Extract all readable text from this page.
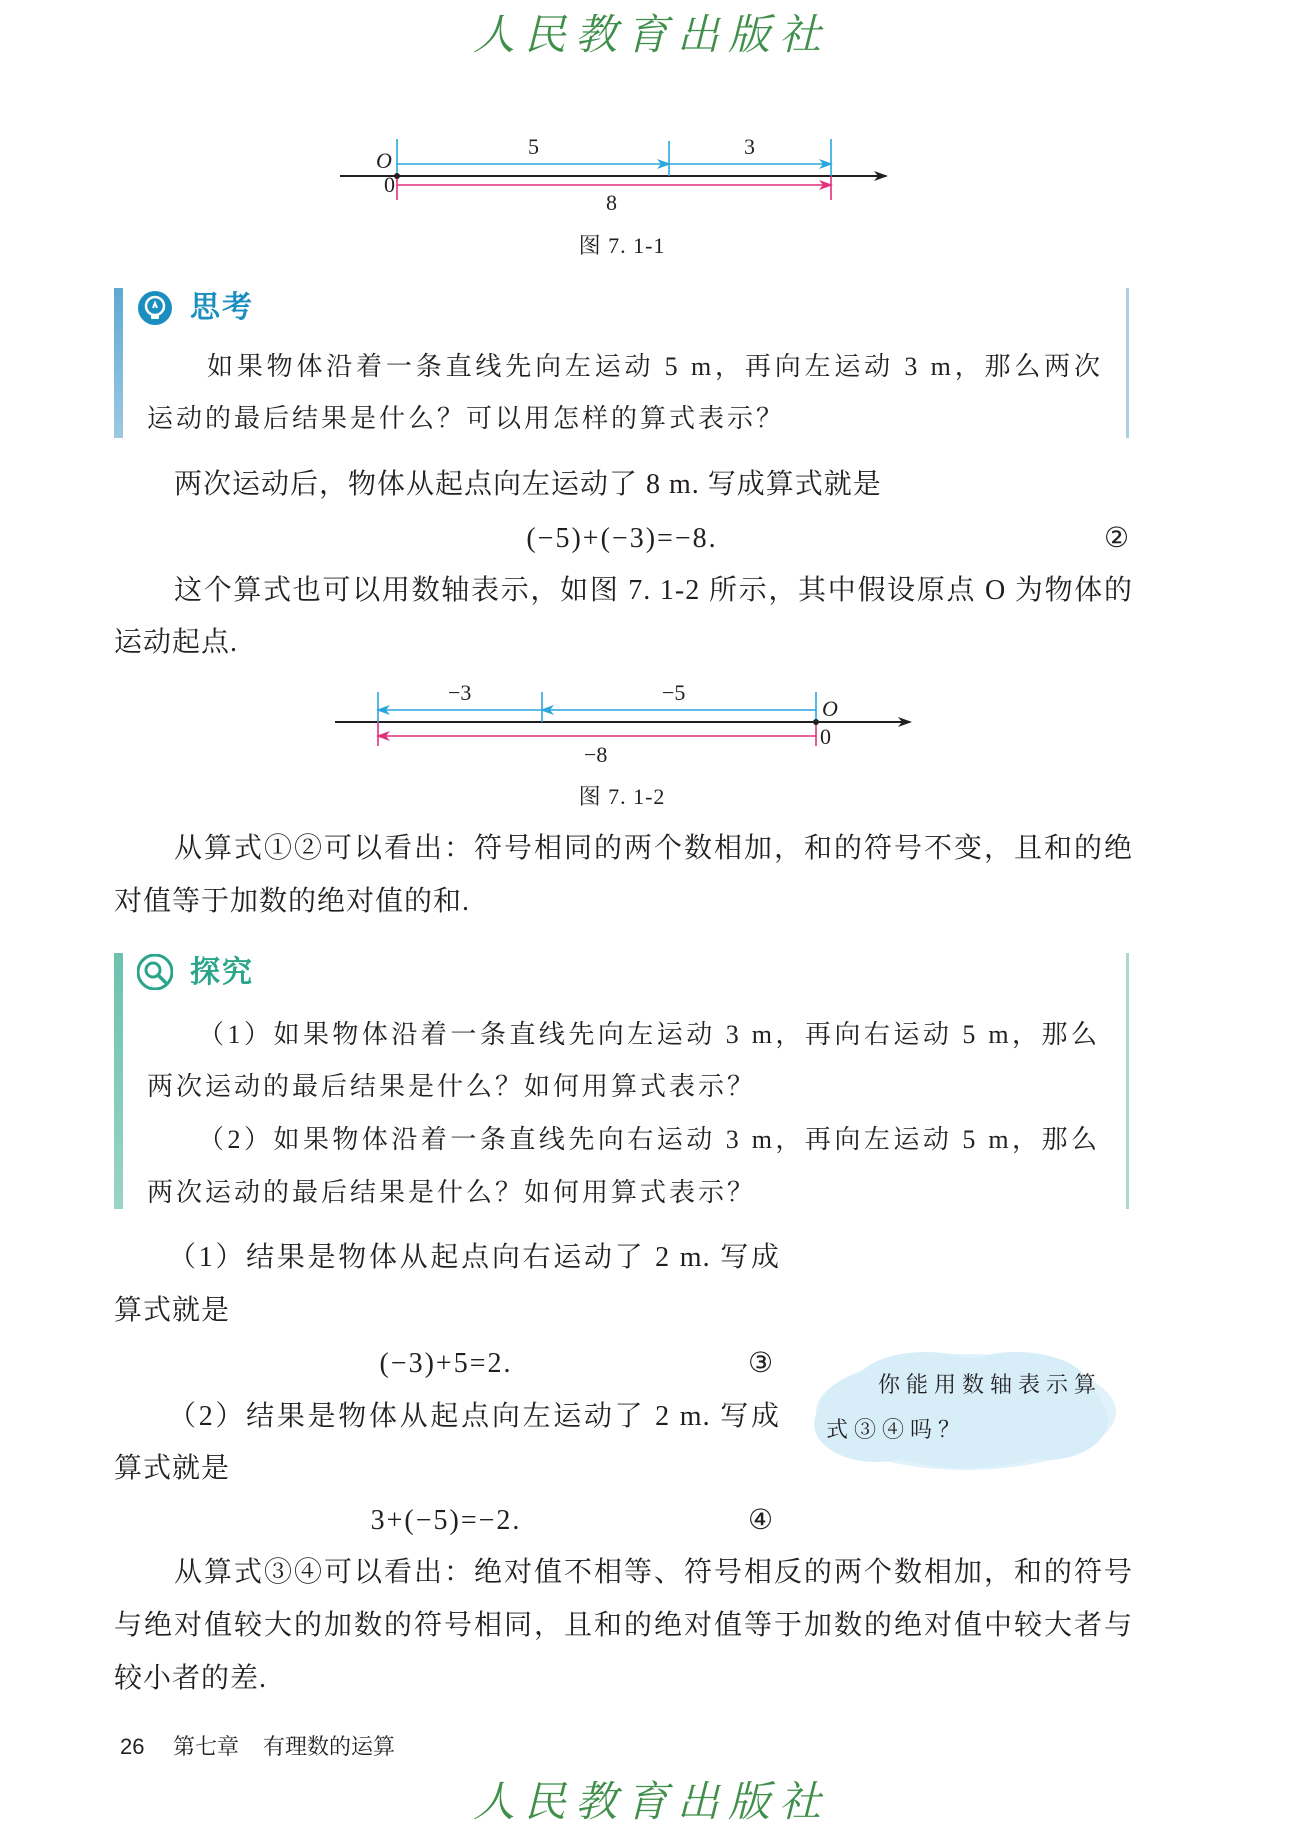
人民教育出版社
O
0
5	3
8
图 7. 1-1
思考
如果物体沿着一条直线先向左运动 5 m，再向左运动 3 m，那么两次
运动的最后结果是什么？可以用怎样的算式表示？
两次运动后，物体从起点向左运动了 8 m. 写成算式就是
(−5)+(−3)=−8.	②
这个算式也可以用数轴表示，如图 7. 1-2 所示，其中假设原点 O 为物体的
运动起点.
O
0
−3	−5
−8
图 7. 1-2
从算式①②可以看出：符号相同的两个数相加，和的符号不变，且和的绝
对值等于加数的绝对值的和.
探究
（1）如果物体沿着一条直线先向左运动 3 m，再向右运动 5 m，那么
两次运动的最后结果是什么？如何用算式表示？
（2）如果物体沿着一条直线先向右运动 3 m，再向左运动 5 m，那么
两次运动的最后结果是什么？如何用算式表示？
（1）结果是物体从起点向右运动了 2 m. 写成
算式就是
(−3)+5=2.	③
（2）结果是物体从起点向左运动了 2 m. 写成
算式就是
3+(−5)=−2.	④
你能用数轴表示算
式③④吗？
从算式③④可以看出：绝对值不相等、符号相反的两个数相加，和的符号
与绝对值较大的加数的符号相同，且和的绝对值等于加数的绝对值中较大者与
较小者的差.
26 第七章 有理数的运算
人民教育出版社
